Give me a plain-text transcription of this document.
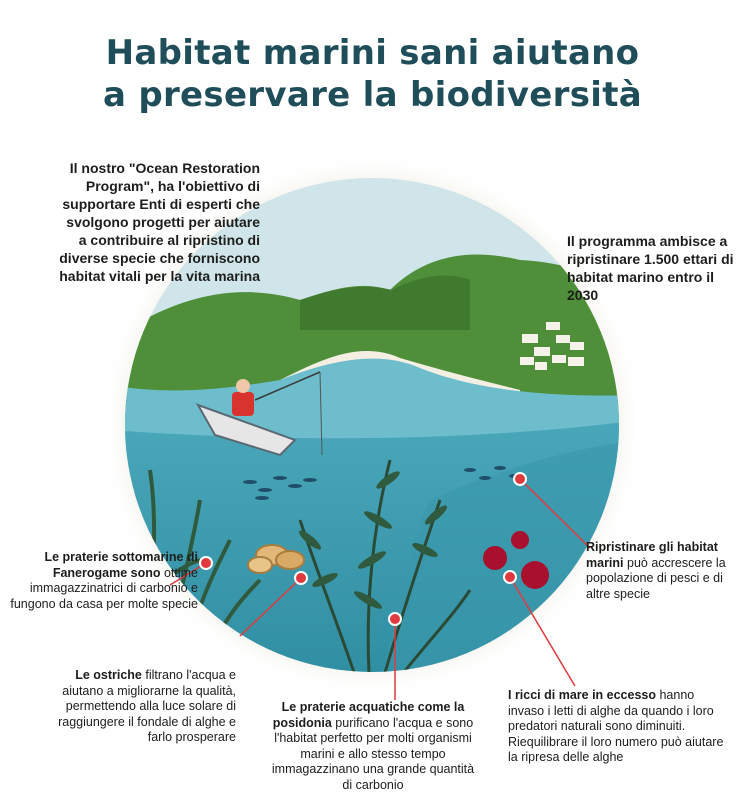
Habitat marini sani aiutano
a preservare la biodiversità
Il nostro "Ocean Restoration Program", ha l'obiettivo di supportare Enti di esperti che svolgono progetti per aiutare a contribuire al ripristino di diverse specie che forniscono habitat vitali per la vita marina
Il programma ambisce a ripristinare 1.500 ettari di habitat marino entro il 2030
Le praterie sottomarine di Fanerogame sono ottime immagazzinatrici di carbonio e fungono da casa per molte specie
Le ostriche filtrano l'acqua e aiutano a migliorarne la qualità, permettendo alla luce solare di raggiungere il fondale di alghe e farlo prosperare
Le praterie acquatiche come la posidonia purificano l'acqua e sono l'habitat perfetto per molti organismi marini e allo stesso tempo immagazzinano una grande quantità di carbonio
I ricci di mare in eccesso hanno invaso i letti di alghe da quando i loro predatori naturali sono diminuiti. Riequilibrare il loro numero può aiutare la ripresa delle alghe
Ripristinare gli habitat marini può accrescere la popolazione di pesci e di altre specie
